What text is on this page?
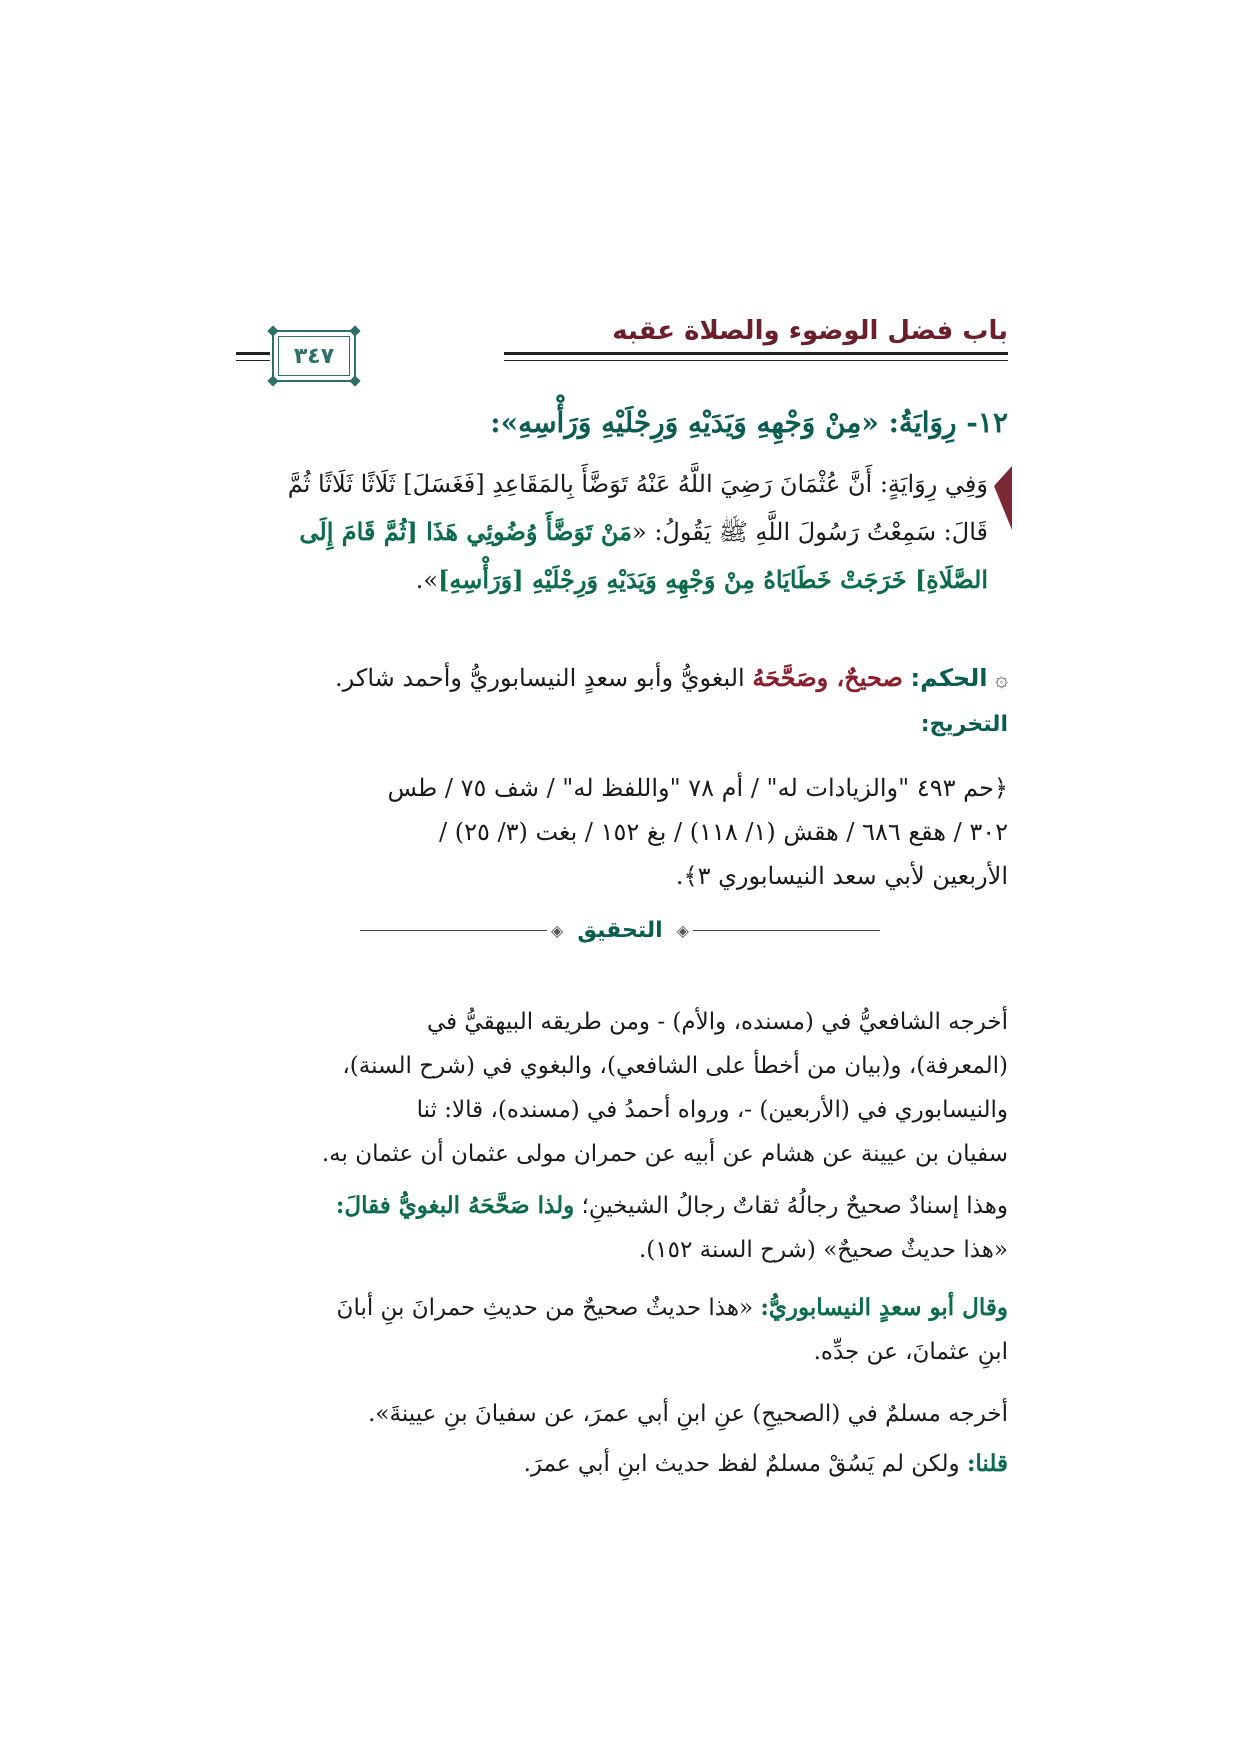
باب فضل الوضوء والصلاة عقبه
٣٤٧
١٢- رِوَايَةُ: «مِنْ وَجْهِهِ وَيَدَيْهِ وَرِجْلَيْهِ وَرَأْسِهِ»:
وَفِي رِوَايَةٍ: أَنَّ عُثْمَانَ رَضِيَ اللَّهُ عَنْهُ تَوَضَّأَ بِالمَقَاعِدِ [فَغَسَلَ] ثَلَاثًا ثَلَاثًا ثُمَّ
قَالَ: سَمِعْتُ رَسُولَ اللَّهِ ﷺ يَقُولُ: «مَنْ تَوَضَّأَ وُضُوئِي هَذَا [ثُمَّ قَامَ إِلَى
الصَّلَاةِ] خَرَجَتْ خَطَايَاهُ مِنْ وَجْهِهِ وَيَدَيْهِ وَرِجْلَيْهِ [وَرَأْسِهِ]».
۞ الحكم: صحيحٌ، وصَحَّحَهُ البغويُّ وأبو سعدٍ النيسابوريُّ وأحمد شاكر.
التخريج:
﴿حم ٤٩٣ "والزيادات له" / أم ٧٨ "واللفظ له" / شف ٧٥ / طس
٣٠٢ / هقع ٦٨٦ / هقش (١/ ١١٨) / بغ ١٥٢ / بغت (٣/ ٢٥) /
الأربعين لأبي سعد النيسابوري ٣﴾.
◈
التحقيق
◈
أخرجه الشافعيُّ في (مسنده، والأم) - ومن طريقه البيهقيُّ في
(المعرفة)، و(بيان من أخطأ على الشافعي)، والبغوي في (شرح السنة)،
والنيسابوري في (الأربعين) -، ورواه أحمدُ في (مسنده)، قالا: ثنا
سفيان بن عيينة عن هشام عن أبيه عن حمران مولى عثمان أن عثمان به.
وهذا إسنادٌ صحيحٌ رجالُهُ ثقاتٌ رجالُ الشيخينِ؛ ولذا صَحَّحَهُ البغويُّ فقالَ:
«هذا حديثٌ صحيحٌ» (شرح السنة ١٥٢).
وقال أبو سعدٍ النيسابوريُّ: «هذا حديثٌ صحيحٌ من حديثِ حمرانَ بنِ أبانَ
ابنِ عثمانَ، عن جدِّه.
أخرجه مسلمٌ في (الصحيحِ) عنِ ابنِ أبي عمرَ، عن سفيانَ بنِ عيينةَ».
قلنا: ولكن لم يَسُقْ مسلمٌ لفظ حديث ابنِ أبي عمرَ.
